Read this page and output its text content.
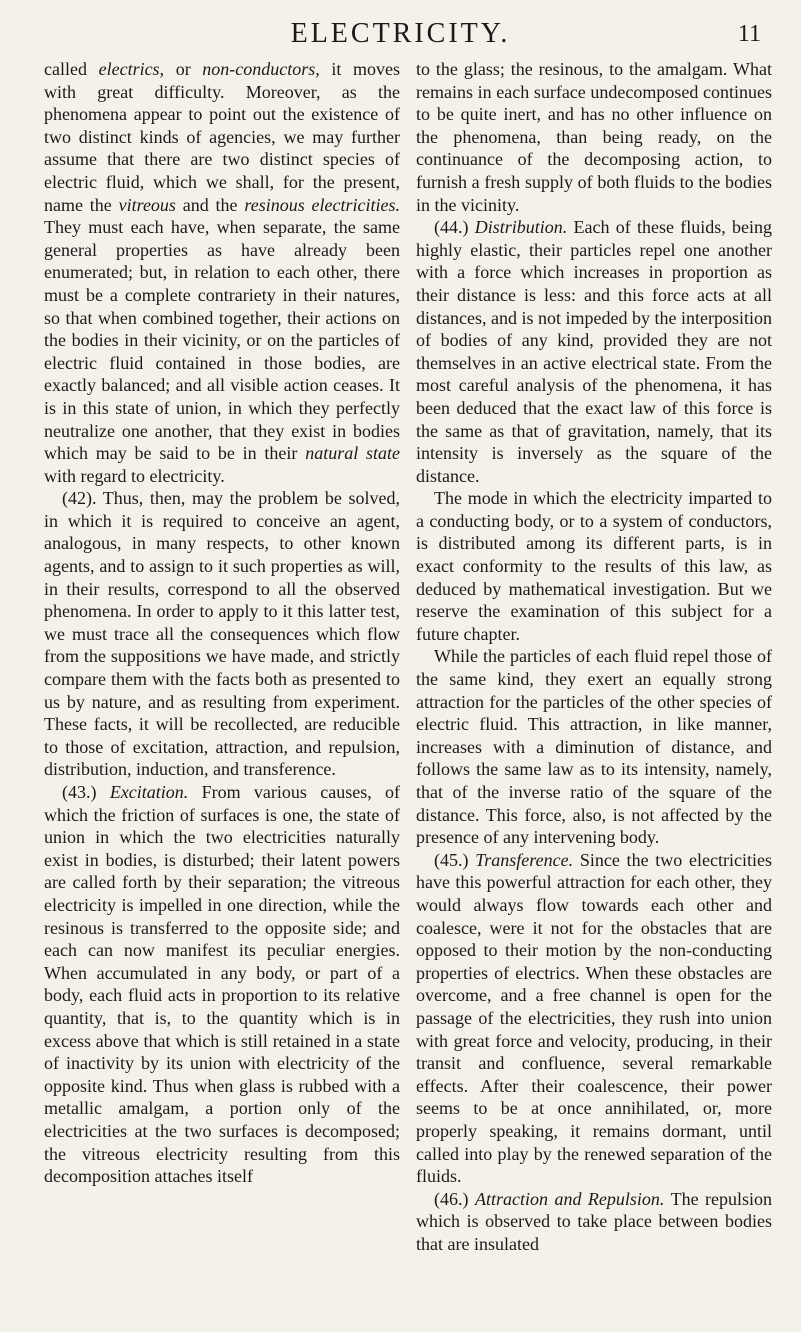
ELECTRICITY.	11

called electrics, or non-conductors, it moves with great difficulty. Moreover, as the phenomena appear to point out the existence of two distinct kinds of agencies, we may further assume that there are two distinct species of electric fluid, which we shall, for the present, name the vitreous and the resinous electricities. They must each have, when separate, the same general properties as have already been enumerated; but, in relation to each other, there must be a complete contrariety in their natures, so that when combined together, their actions on the bodies in their vicinity, or on the particles of electric fluid contained in those bodies, are exactly balanced; and all visible action ceases. It is in this state of union, in which they perfectly neutralize one another, that they exist in bodies which may be said to be in their natural state with regard to electricity.

(42). Thus, then, may the problem be solved, in which it is required to conceive an agent, analogous, in many respects, to other known agents, and to assign to it such properties as will, in their results, correspond to all the observed phenomena. In order to apply to it this latter test, we must trace all the consequences which flow from the suppositions we have made, and strictly compare them with the facts both as presented to us by nature, and as resulting from experiment. These facts, it will be recollected, are reducible to those of excitation, attraction, and repulsion, distribution, induction, and transference.

(43.) Excitation. From various causes, of which the friction of surfaces is one, the state of union in which the two electricities naturally exist in bodies, is disturbed; their latent powers are called forth by their separation; the vitreous electricity is impelled in one direction, while the resinous is transferred to the opposite side; and each can now manifest its peculiar energies. When accumulated in any body, or part of a body, each fluid acts in proportion to its relative quantity, that is, to the quantity which is in excess above that which is still retained in a state of inactivity by its union with electricity of the opposite kind. Thus when glass is rubbed with a metallic amalgam, a portion only of the electricities at the two surfaces is decomposed; the vitreous electricity resulting from this decomposition attaches itself

to the glass; the resinous, to the amalgam. What remains in each surface undecomposed continues to be quite inert, and has no other influence on the phenomena, than being ready, on the continuance of the decomposing action, to furnish a fresh supply of both fluids to the bodies in the vicinity.

(44.) Distribution. Each of these fluids, being highly elastic, their particles repel one another with a force which increases in proportion as their distance is less: and this force acts at all distances, and is not impeded by the interposition of bodies of any kind, provided they are not themselves in an active electrical state. From the most careful analysis of the phenomena, it has been deduced that the exact law of this force is the same as that of gravitation, namely, that its intensity is inversely as the square of the distance.

The mode in which the electricity imparted to a conducting body, or to a system of conductors, is distributed among its different parts, is in exact conformity to the results of this law, as deduced by mathematical investigation. But we reserve the examination of this subject for a future chapter.

While the particles of each fluid repel those of the same kind, they exert an equally strong attraction for the particles of the other species of electric fluid. This attraction, in like manner, increases with a diminution of distance, and follows the same law as to its intensity, namely, that of the inverse ratio of the square of the distance. This force, also, is not affected by the presence of any intervening body.

(45.) Transference. Since the two electricities have this powerful attraction for each other, they would always flow towards each other and coalesce, were it not for the obstacles that are opposed to their motion by the non-conducting properties of electrics. When these obstacles are overcome, and a free channel is open for the passage of the electricities, they rush into union with great force and velocity, producing, in their transit and confluence, several remarkable effects. After their coalescence, their power seems to be at once annihilated, or, more properly speaking, it remains dormant, until called into play by the renewed separation of the fluids.

(46.) Attraction and Repulsion. The repulsion which is observed to take place between bodies that are insulated
